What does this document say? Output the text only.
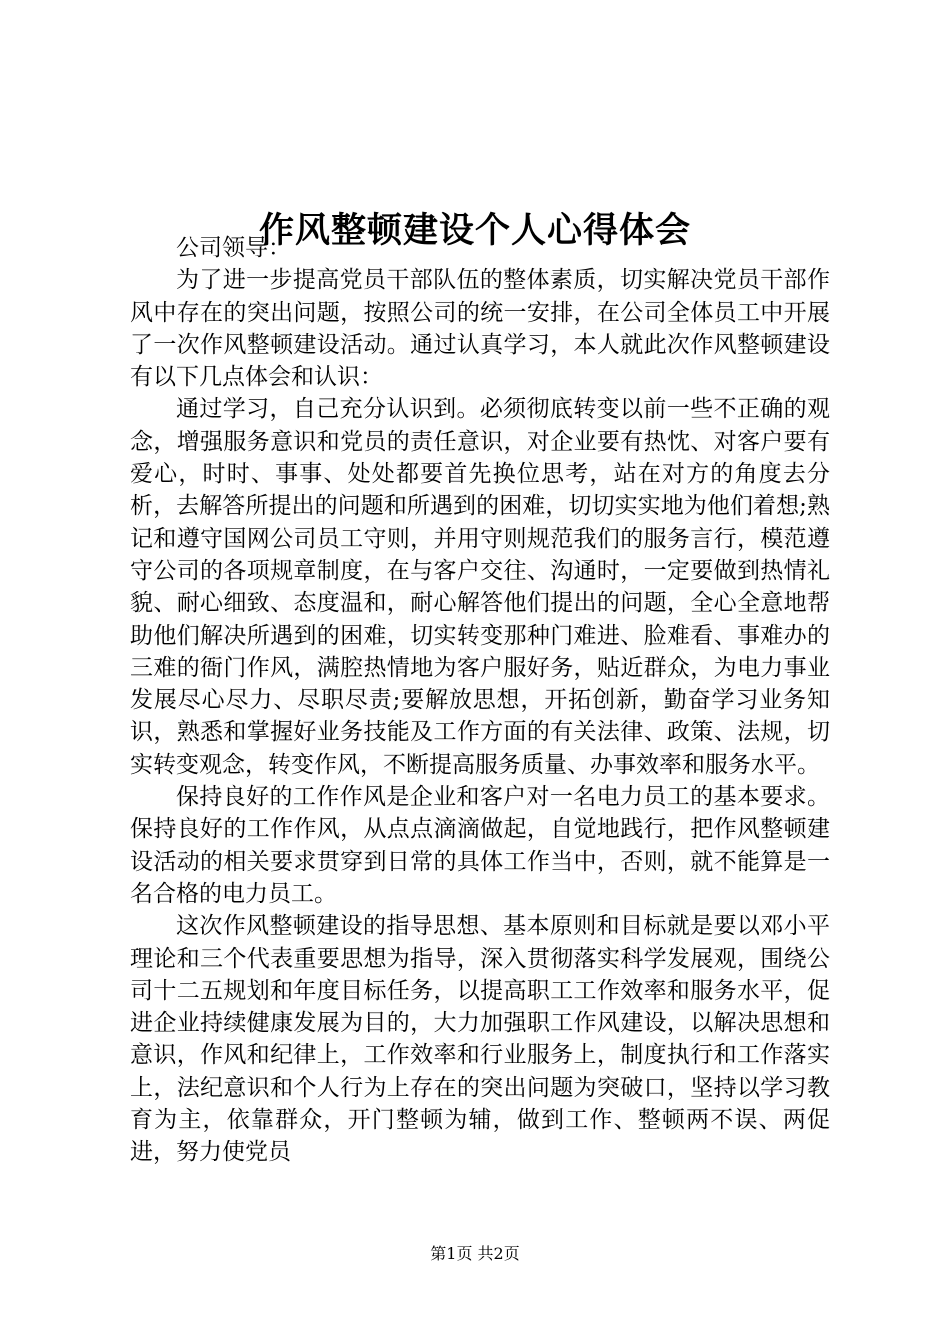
作风整顿建设个人心得体会

公司领导：

为了进一步提高党员干部队伍的整体素质，切实解决党员干部作风中存在的突出问题，按照公司的统一安排，在公司全体员工中开展了一次作风整顿建设活动。通过认真学习，本人就此次作风整顿建设有以下几点体会和认识：

通过学习，自己充分认识到。必须彻底转变以前一些不正确的观念，增强服务意识和党员的责任意识，对企业要有热忱、对客户要有爱心，时时、事事、处处都要首先换位思考，站在对方的角度去分析，去解答所提出的问题和所遇到的困难，切切实实地为他们着想;熟记和遵守国网公司员工守则，并用守则规范我们的服务言行，模范遵守公司的各项规章制度，在与客户交往、沟通时，一定要做到热情礼貌、耐心细致、态度温和，耐心解答他们提出的问题，全心全意地帮助他们解决所遇到的困难，切实转变那种门难进、脸难看、事难办的三难的衙门作风，满腔热情地为客户服好务，贴近群众，为电力事业发展尽心尽力、尽职尽责;要解放思想，开拓创新，勤奋学习业务知识，熟悉和掌握好业务技能及工作方面的有关法律、政策、法规，切实转变观念，转变作风，不断提高服务质量、办事效率和服务水平。

保持良好的工作作风是企业和客户对一名电力员工的基本要求。保持良好的工作作风，从点点滴滴做起，自觉地践行，把作风整顿建设活动的相关要求贯穿到日常的具体工作当中，否则，就不能算是一名合格的电力员工。

这次作风整顿建设的指导思想、基本原则和目标就是要以邓小平理论和三个代表重要思想为指导，深入贯彻落实科学发展观，围绕公司十二五规划和年度目标任务，以提高职工工作效率和服务水平，促进企业持续健康发展为目的，大力加强职工作风建设，以解决思想和意识，作风和纪律上，工作效率和行业服务上，制度执行和工作落实上，法纪意识和个人行为上存在的突出问题为突破口，坚持以学习教育为主，依靠群众，开门整顿为辅，做到工作、整顿两不误、两促进，努力使党员

第1页 共2页
